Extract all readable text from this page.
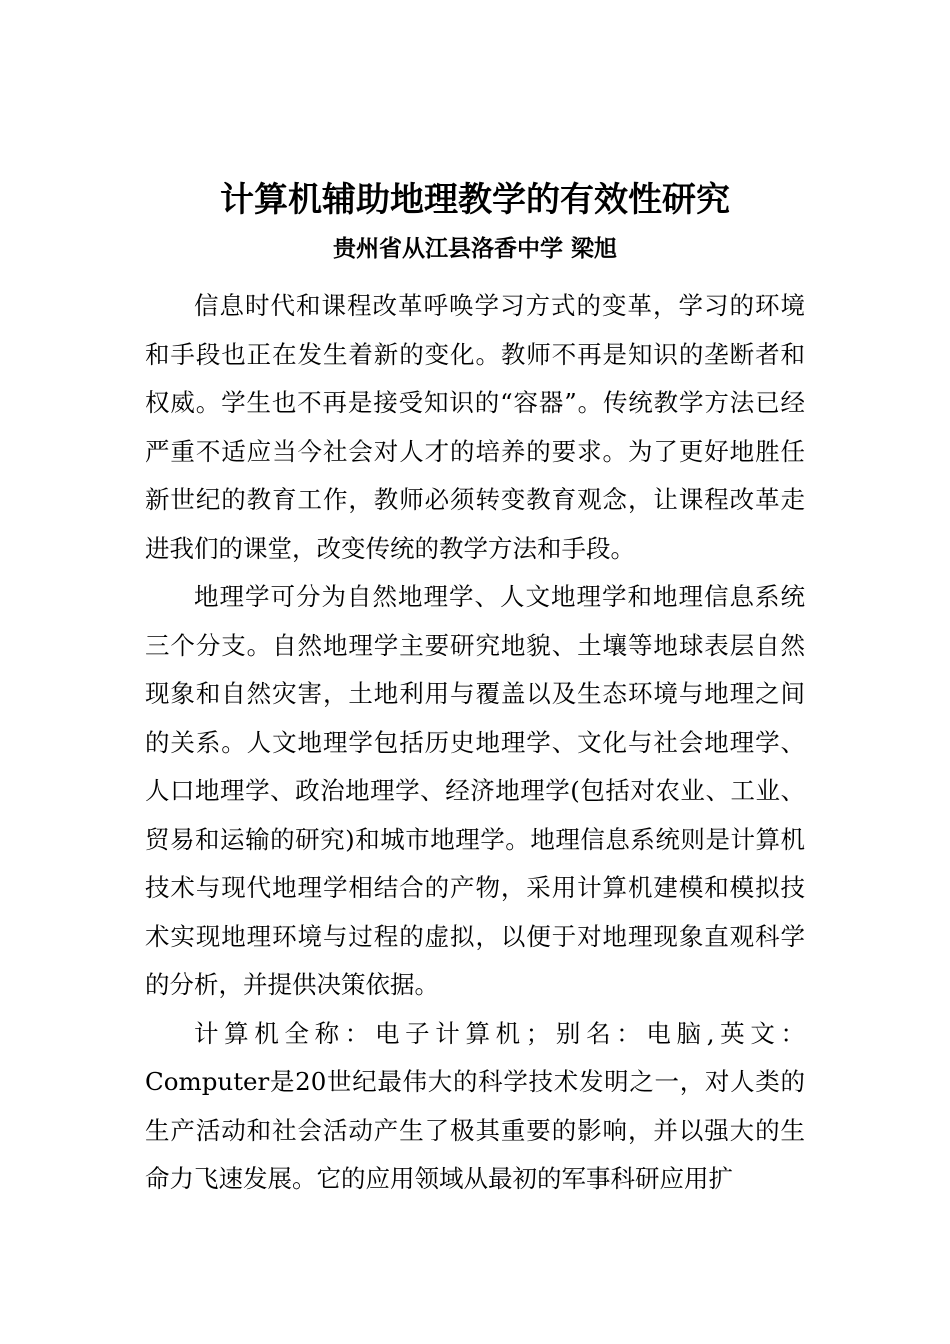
计算机辅助地理教学的有效性研究
贵州省从江县洛香中学 梁旭

信息时代和课程改革呼唤学习方式的变革，学习的环境和手段也正在发生着新的变化。教师不再是知识的垄断者和权威。学生也不再是接受知识的“容器”。传统教学方法已经严重不适应当今社会对人才的培养的要求。为了更好地胜任新世纪的教育工作，教师必须转变教育观念，让课程改革走进我们的课堂，改变传统的教学方法和手段。

地理学可分为自然地理学、人文地理学和地理信息系统三个分支。自然地理学主要研究地貌、土壤等地球表层自然现象和自然灾害，土地利用与覆盖以及生态环境与地理之间的关系。人文地理学包括历史地理学、文化与社会地理学、人口地理学、政治地理学、经济地理学(包括对农业、工业、贸易和运输的研究)和城市地理学。地理信息系统则是计算机技术与现代地理学相结合的产物，采用计算机建模和模拟技术实现地理环境与过程的虚拟，以便于对地理现象直观科学的分析，并提供决策依据。

计算机全称：电子计算机；别名：电脑,英文：Computer是20世纪最伟大的科学技术发明之一，对人类的生产活动和社会活动产生了极其重要的影响，并以强大的生命力飞速发展。它的应用领域从最初的军事科研应用扩
